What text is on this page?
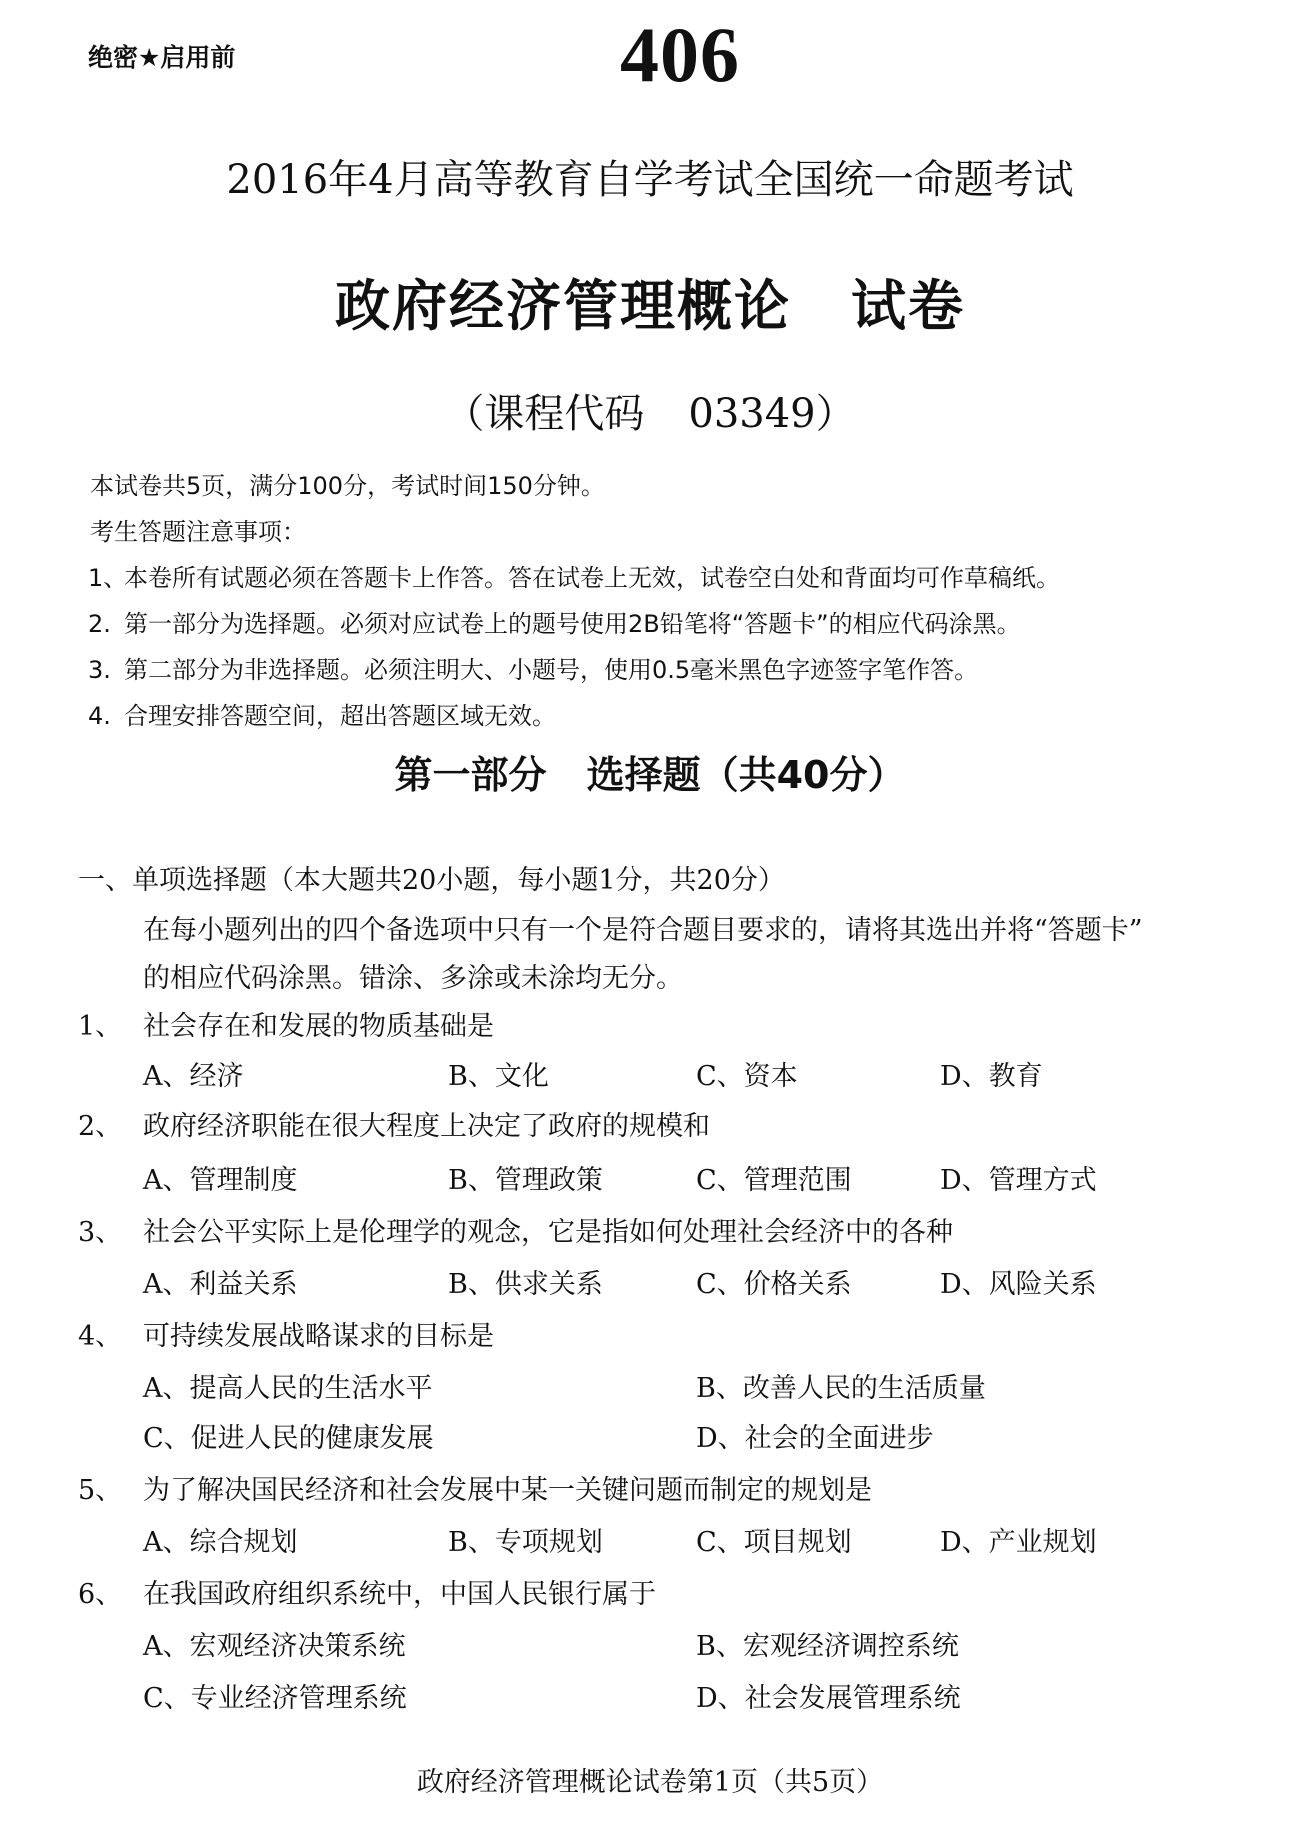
绝密★启用前	406
2016年4月高等教育自学考试全国统一命题考试
政府经济管理概论 试卷
（课程代码 03349）
本试卷共5页，满分100分，考试时间150分钟。
考生答题注意事项：
1、本卷所有试题必须在答题卡上作答。答在试卷上无效，试卷空白处和背面均可作草稿纸。
2. 第一部分为选择题。必须对应试卷上的题号使用2B铅笔将“答题卡”的相应代码涂黑。
3. 第二部分为非选择题。必须注明大、小题号，使用0.5毫米黑色字迹签字笔作答。
4. 合理安排答题空间，超出答题区域无效。
第一部分 选择题（共40分）
一、单项选择题（本大题共20小题，每小题1分，共20分）
在每小题列出的四个备选项中只有一个是符合题目要求的，请将其选出并将“答题卡”
的相应代码涂黑。错涂、多涂或未涂均无分。
1、 社会存在和发展的物质基础是
A、经济	B、文化	C、资本	D、教育
2、 政府经济职能在很大程度上决定了政府的规模和
A、管理制度	B、管理政策	C、管理范围	D、管理方式
3、 社会公平实际上是伦理学的观念，它是指如何处理社会经济中的各种
A、利益关系	B、供求关系	C、价格关系	D、风险关系
4、 可持续发展战略谋求的目标是
A、提高人民的生活水平	B、改善人民的生活质量
C、促进人民的健康发展	D、社会的全面进步
5、 为了解决国民经济和社会发展中某一关键问题而制定的规划是
A、综合规划	B、专项规划	C、项目规划	D、产业规划
6、 在我国政府组织系统中，中国人民银行属于
A、宏观经济决策系统	B、宏观经济调控系统
C、专业经济管理系统	D、社会发展管理系统
政府经济管理概论试卷第1页（共5页）
